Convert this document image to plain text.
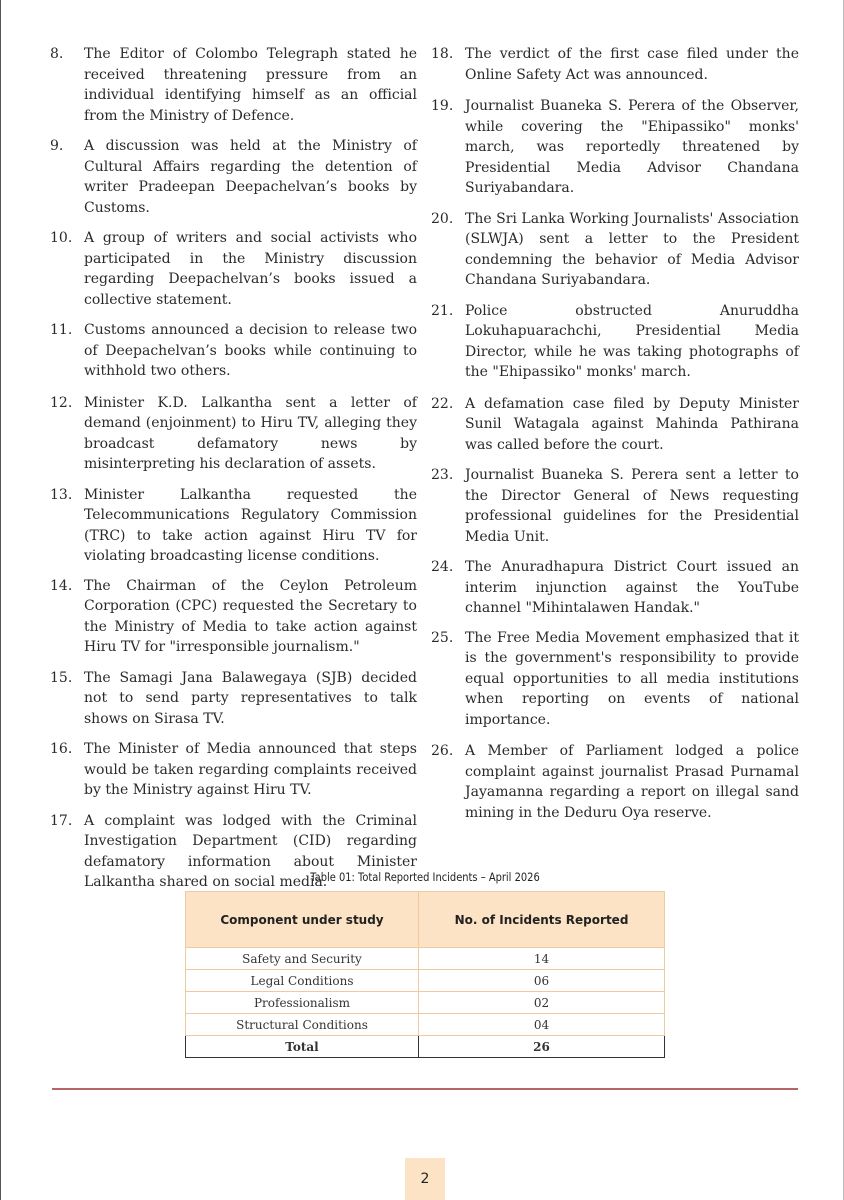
8.	The Editor of Colombo Telegraph stated he received threatening pressure from an individual identifying himself as an official from the Ministry of Defence.
9.	A discussion was held at the Ministry of Cultural Affairs regarding the detention of writer Pradeepan Deepachelvan’s books by Customs.
10. A group of writers and social activists who participated in the Ministry discussion regarding Deepachelvan’s books issued a collective statement.
11. Customs announced a decision to release two of Deepachelvan’s books while continuing to withhold two others.
12. Minister K.D. Lalkantha sent a letter of demand (enjoinment) to Hiru TV, alleging they broadcast defamatory news by misinterpreting his declaration of assets.
13. Minister Lalkantha requested the Telecommunications Regulatory Commission (TRC) to take action against Hiru TV for violating broadcasting license conditions.
14. The Chairman of the Ceylon Petroleum Corporation (CPC) requested the Secretary to the Ministry of Media to take action against Hiru TV for "irresponsible journalism."
15. The Samagi Jana Balawegaya (SJB) decided not to send party representatives to talk shows on Sirasa TV.
16. The Minister of Media announced that steps would be taken regarding complaints received by the Ministry against Hiru TV.
17. A complaint was lodged with the Criminal Investigation Department (CID) regarding defamatory information about Minister Lalkantha shared on social media.
18. The verdict of the first case filed under the Online Safety Act was announced.
19. Journalist Buaneka S. Perera of the Observer, while covering the "Ehipassiko" monks' march, was reportedly threatened by Presidential Media Advisor Chandana Suriyabandara.
20. The Sri Lanka Working Journalists' Association (SLWJA) sent a letter to the President condemning the behavior of Media Advisor Chandana Suriyabandara.
21. Police obstructed Anuruddha Lokuhapuarachchi, Presidential Media Director, while he was taking photographs of the "Ehipassiko" monks' march.
22. A defamation case filed by Deputy Minister Sunil Watagala against Mahinda Pathirana was called before the court.
23. Journalist Buaneka S. Perera sent a letter to the Director General of News requesting professional guidelines for the Presidential Media Unit.
24. The Anuradhapura District Court issued an interim injunction against the YouTube channel "Mihintalawen Handak."
25. The Free Media Movement emphasized that it is the government's responsibility to provide equal opportunities to all media institutions when reporting on events of national importance.
26. A Member of Parliament lodged a police complaint against journalist Prasad Purnamal Jayamanna regarding a report on illegal sand mining in the Deduru Oya reserve.
Table 01: Total Reported Incidents – April 2026
Component under study	No. of Incidents Reported
Safety and Security	14
Legal Conditions	06
Professionalism	02
Structural Conditions	04
Total	26
2
